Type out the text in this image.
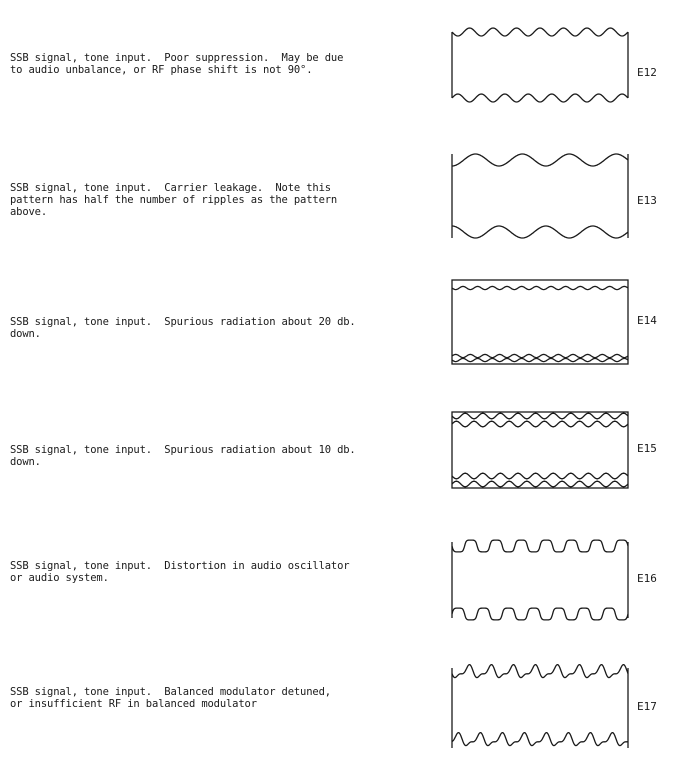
SSB signal, tone input.  Poor suppression.  May be due
to audio unbalance, or RF phase shift is not 90°.	E12
SSB signal, tone input.  Carrier leakage.  Note this
pattern has half the number of ripples as the pattern
above.
E13
SSB signal, tone input.  Spurious radiation about 20 db.
down.
E14
SSB signal, tone input.  Spurious radiation about 10 db.
down.
E15
SSB signal, tone input.  Distortion in audio oscillator
or audio system.	E16
SSB signal, tone input.  Balanced modulator detuned,
or insufficient RF in balanced modulator	E17
